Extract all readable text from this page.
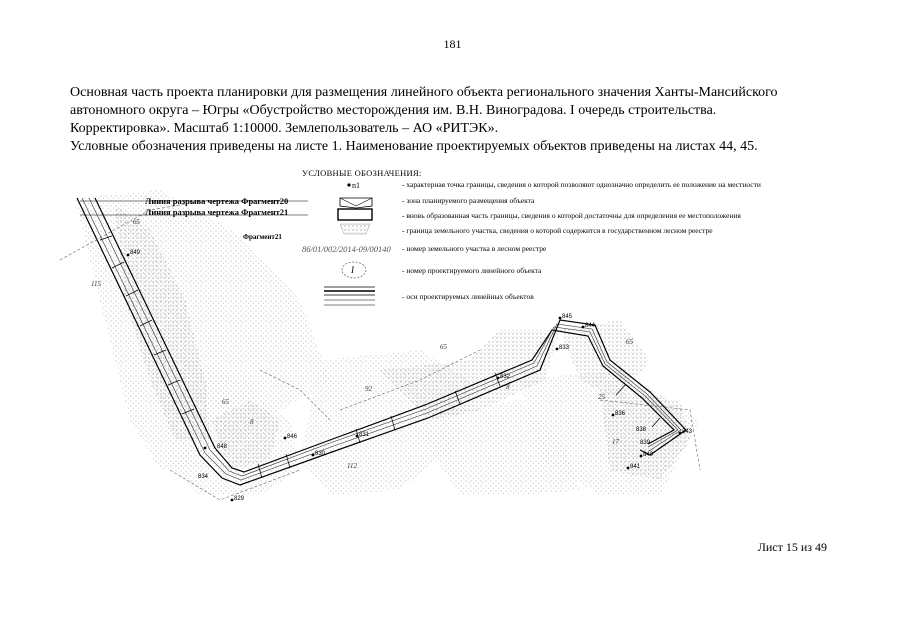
181

Основная часть проекта планировки для размещения линейного объекта регионального значения Ханты-Мансийского

автономного округа – Югры «Обустройство месторождения им. В.Н. Виноградова. I очередь строительства.

Корректировка». Масштаб 1:10000. Землепользователь – АО «РИТЭК».

Условные обозначения приведены на листе 1. Наименование проектируемых объектов приведены на листах 44, 45.

УСЛОВНЫЕ ОБОЗНАЧЕНИЯ:
n1	- характерная точка границы, сведения о которой позволяют однозначно определить ее положение на местности
- зона планируемого размещения объекта
- вновь образованная часть границы, сведения о которой достаточны для определения ее местоположения
- граница земельного участка, сведения о которой содержится в государственном лесном реестре
86/01/002/2014-09/00140 - номер земельного участка в лесном реестре
I	- номер проектируемого линейного объекта
- оси проектируемых линейных объектов
Линия разрыва чертежа Фрагмент20
Линия разрыва чертежа Фрагмент21
Фрагмент21
849
848
829
830
846	831
832
833
844
845
836
840
841
843
838
839
834
65
115
65
65
8
112
92	8
65
25
17
Лист 15 из 49
